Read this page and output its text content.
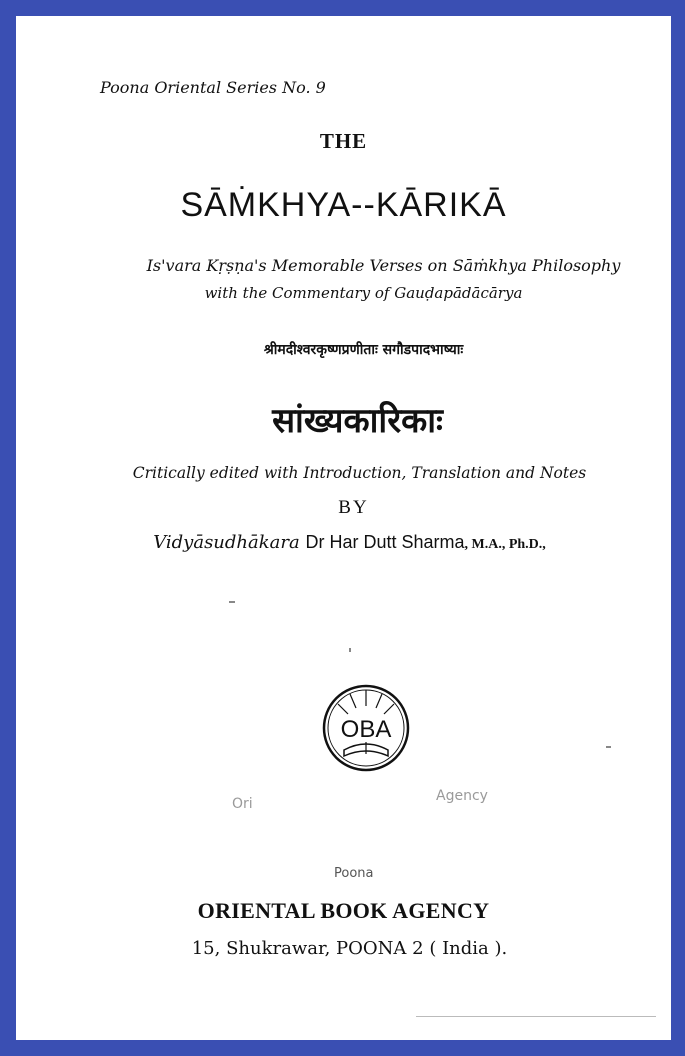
Poona Oriental Series No. 9
THE
SĀṀKHYA--KĀRIKĀ
Is'vara Kṛṣṇa's Memorable Verses on Sāṁkhya Philosophy
with the Commentary of Gauḍapādācārya
श्रीमदीश्वरकृष्णप्रणीताः सगौडपादभाष्याः
सांख्यकारिकाः
Critically edited with Introduction, Translation and Notes
BY
Vidyāsudhākara Dr Har Dutt Sharma, M.A., Ph.D.,
OBA
Ori	Agency
Poona
ORIENTAL BOOK AGENCY
15, Shukrawar, POONA 2 ( India ).
